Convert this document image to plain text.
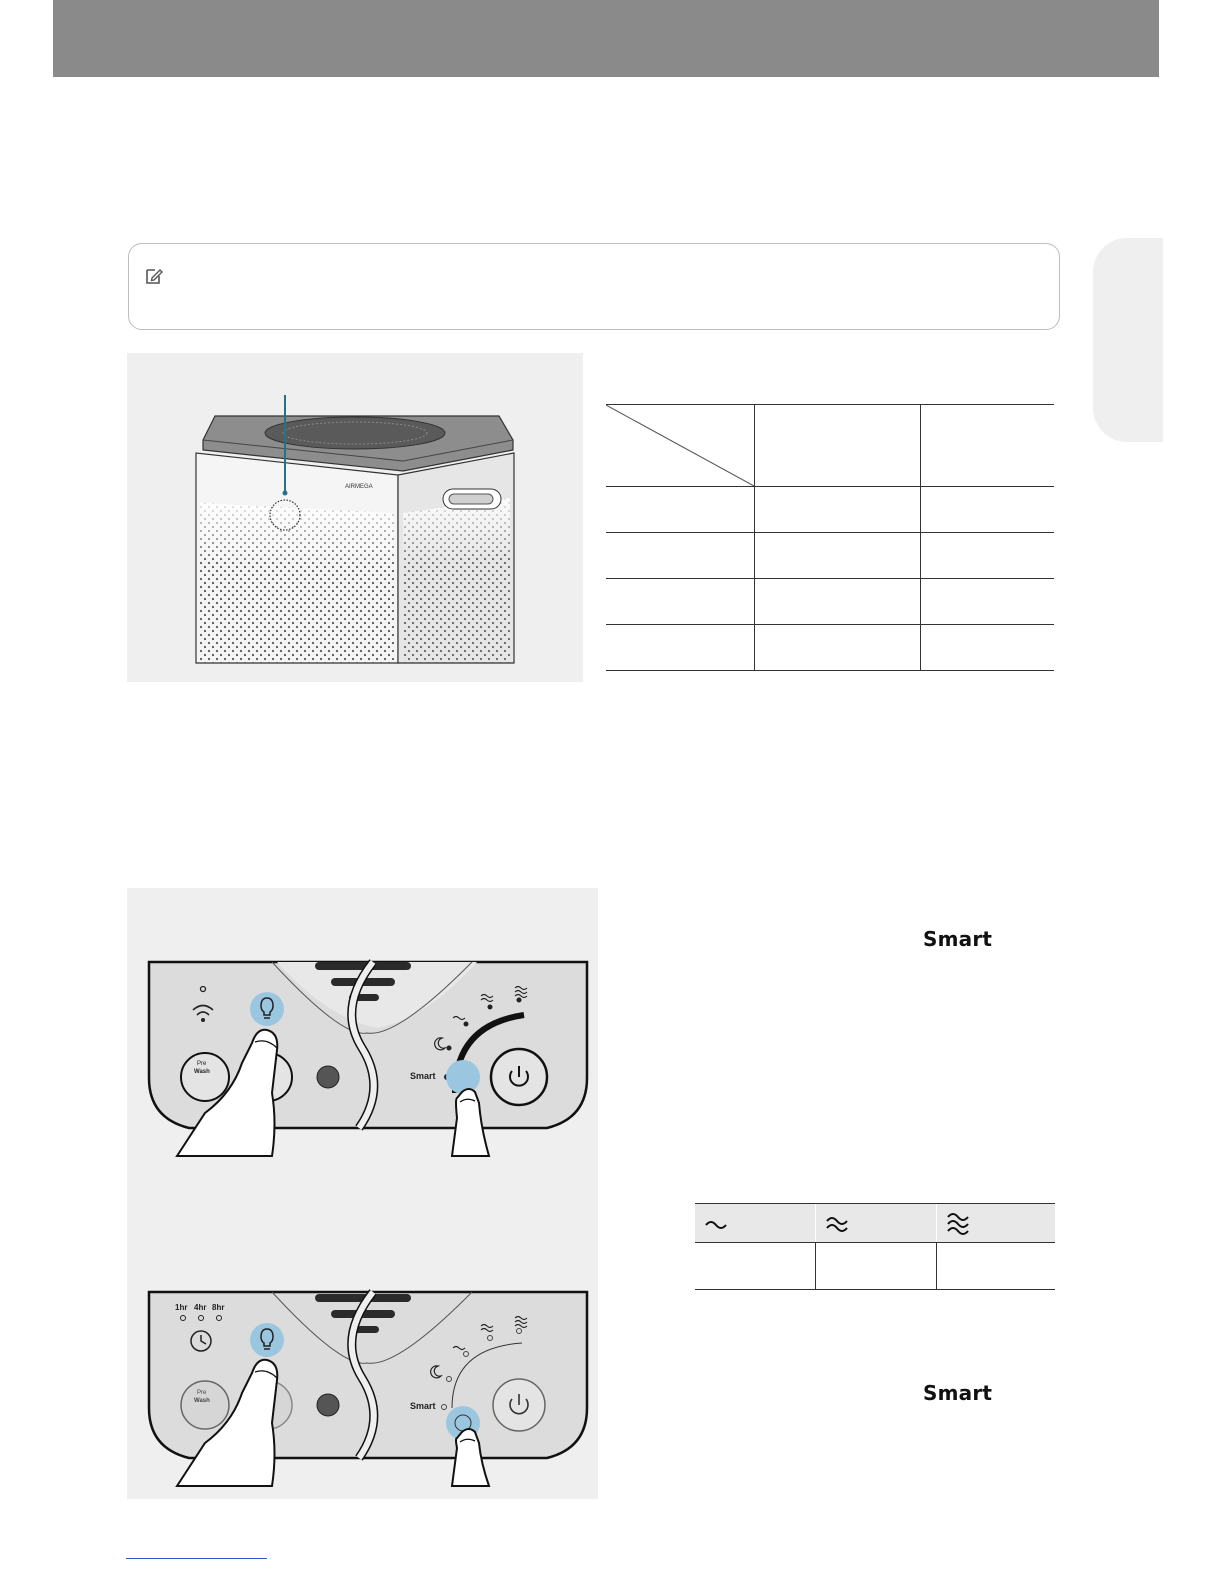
AIRMEGA

Pre
Wash	Smart
1hr 4hr 8hr
Pre
Wash	Smart
Smart
Smart
